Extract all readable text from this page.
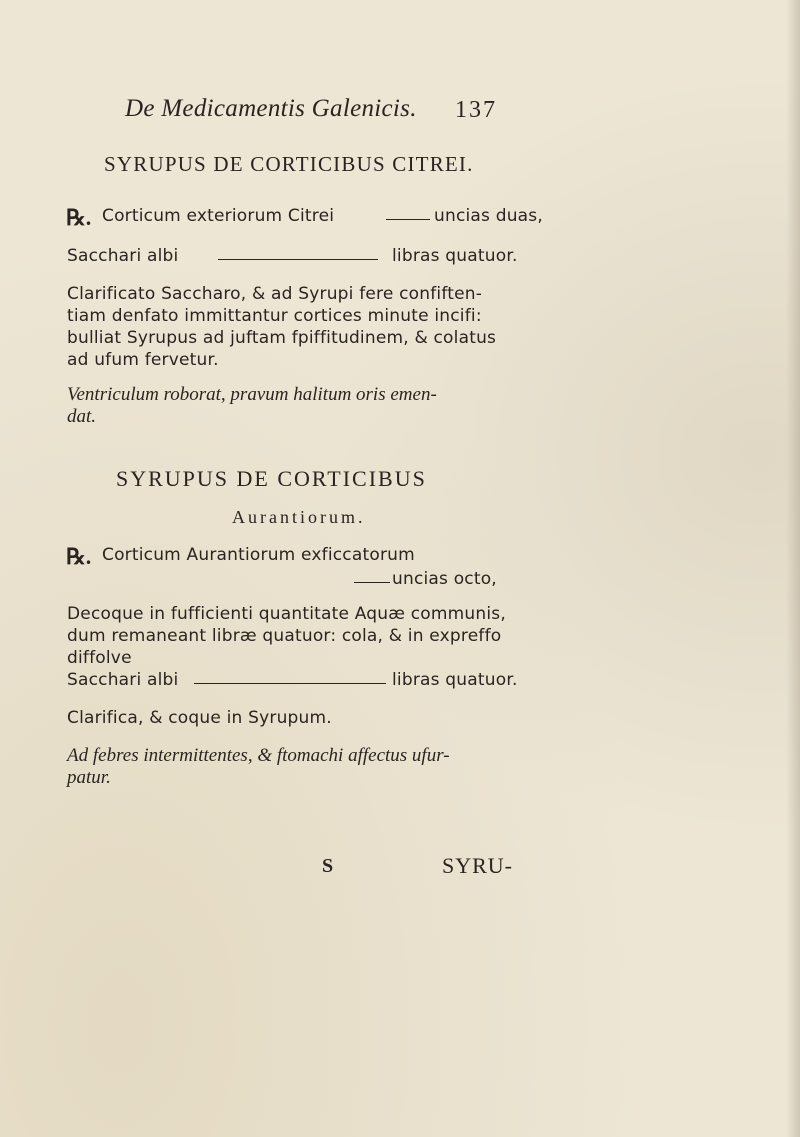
De Medicamentis Galenicis. 137
SYRUPUS DE CORTICIBUS CITREI.
℞. Corticum exteriorum Citrei	uncias duas,
Sacchari albi	libras quatuor.
Clarificato Saccharo, & ad Syrupi fere confiften-
tiam denfato immittantur cortices minute incifi:
bulliat Syrupus ad juftam fpiffitudinem, & colatus
ad ufum fervetur.
Ventriculum roborat, pravum halitum oris emen-
dat.
SYRUPUS DE CORTICIBUS
Aurantiorum.
℞. Corticum Aurantiorum exficcatorum
uncias octo,
Decoque in fufficienti quantitate Aquæ communis,
dum remaneant libræ quatuor: cola, & in expreffo
diffolve
Sacchari albi	libras quatuor.
Clarifica, & coque in Syrupum.
Ad febres intermittentes, & ftomachi affectus ufur-
patur.
S	SYRU-
